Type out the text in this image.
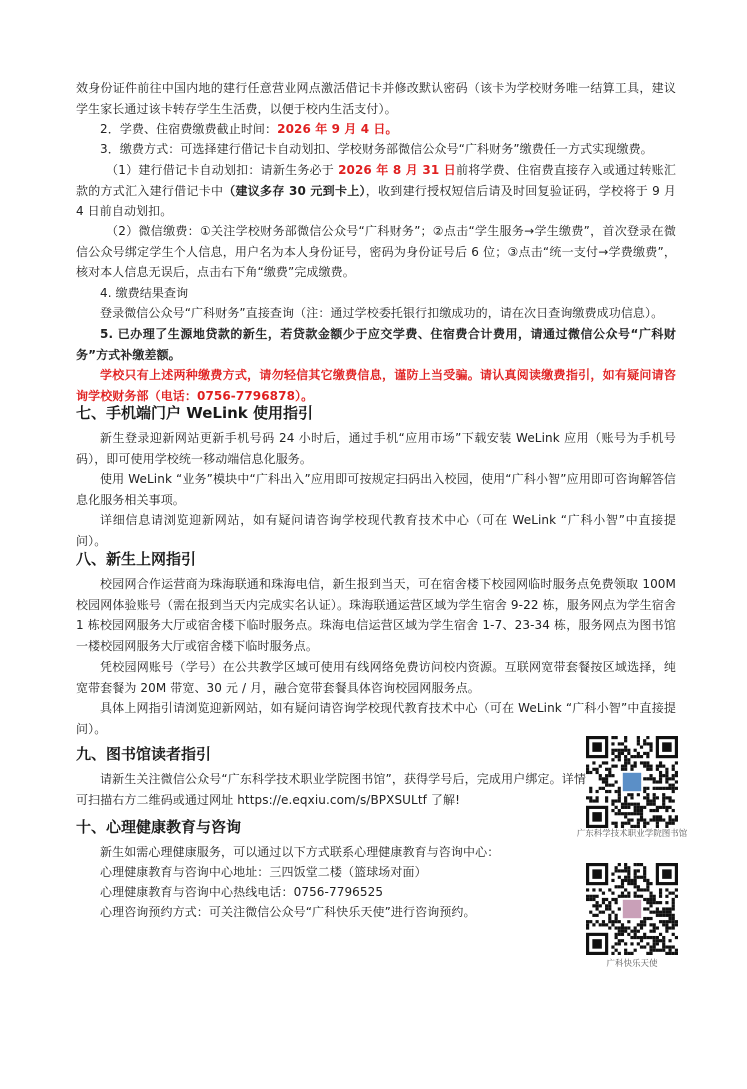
效身份证件前往中国内地的建行任意营业网点激活借记卡并修改默认密码（该卡为学校财务唯一结算工具，建议学生家长通过该卡转存学生生活费，以便于校内生活支付）。

2．学费、住宿费缴费截止时间：2026 年 9 月 4 日。

3．缴费方式：可选择建行借记卡自动划扣、学校财务部微信公众号“广科财务”缴费任一方式实现缴费。

（1）建行借记卡自动划扣：请新生务必于 2026 年 8 月 31 日前将学费、住宿费直接存入或通过转账汇款的方式汇入建行借记卡中（建议多存 30 元到卡上），收到建行授权短信后请及时回复验证码，学校将于 9 月 4 日前自动划扣。

（2）微信缴费：①关注学校财务部微信公众号“广科财务”；②点击“学生服务→学生缴费”，首次登录在微信公众号绑定学生个人信息，用户名为本人身份证号，密码为身份证号后 6 位；③点击“统一支付→学费缴费”，核对本人信息无误后，点击右下角“缴费”完成缴费。

4. 缴费结果查询

登录微信公众号“广科财务”直接查询（注：通过学校委托银行扣缴成功的，请在次日查询缴费成功信息）。

5. 已办理了生源地贷款的新生，若贷款金额少于应交学费、住宿费合计费用，请通过微信公众号“广科财务”方式补缴差额。

学校只有上述两种缴费方式，请勿轻信其它缴费信息，谨防上当受骗。请认真阅读缴费指引，如有疑问请咨询学校财务部（电话：0756-7796878）。

七、手机端门户 WeLink 使用指引

新生登录迎新网站更新手机号码 24 小时后，通过手机“应用市场”下载安装 WeLink 应用（账号为手机号码），即可使用学校统一移动端信息化服务。

使用 WeLink “业务”模块中“广科出入”应用即可按规定扫码出入校园，使用“广科小智”应用即可咨询解答信息化服务相关事项。

详细信息请浏览迎新网站，如有疑问请咨询学校现代教育技术中心（可在 WeLink “广科小智”中直接提问）。

八、新生上网指引

校园网合作运营商为珠海联通和珠海电信，新生报到当天，可在宿舍楼下校园网临时服务点免费领取 100M 校园网体验账号（需在报到当天内完成实名认证）。珠海联通运营区域为学生宿舍 9-22 栋，服务网点为学生宿舍 1 栋校园网服务大厅或宿舍楼下临时服务点。珠海电信运营区域为学生宿舍 1-7、23-34 栋，服务网点为图书馆一楼校园网服务大厅或宿舍楼下临时服务点。

凭校园网账号（学号）在公共教学区域可使用有线网络免费访问校内资源。互联网宽带套餐按区域选择，纯宽带套餐为 20M 带宽、30 元 / 月，融合宽带套餐具体咨询校园网服务点。

具体上网指引请浏览迎新网站，如有疑问请咨询学校现代教育技术中心（可在 WeLink “广科小智”中直接提问）。

九、图书馆读者指引

请新生关注微信公众号“广东科学技术职业学院图书馆”，获得学号后，完成用户绑定。详情可扫描右方二维码或通过网址 https://e.eqxiu.com/s/BPXSULtf 了解!

广东科学技术职业学院图书馆

十、心理健康教育与咨询

新生如需心理健康服务，可以通过以下方式联系心理健康教育与咨询中心：

心理健康教育与咨询中心地址：三四饭堂二楼（篮球场对面）

心理健康教育与咨询中心热线电话：0756-7796525

心理咨询预约方式：可关注微信公众号“广科快乐天使”进行咨询预约。

广科快乐天使
